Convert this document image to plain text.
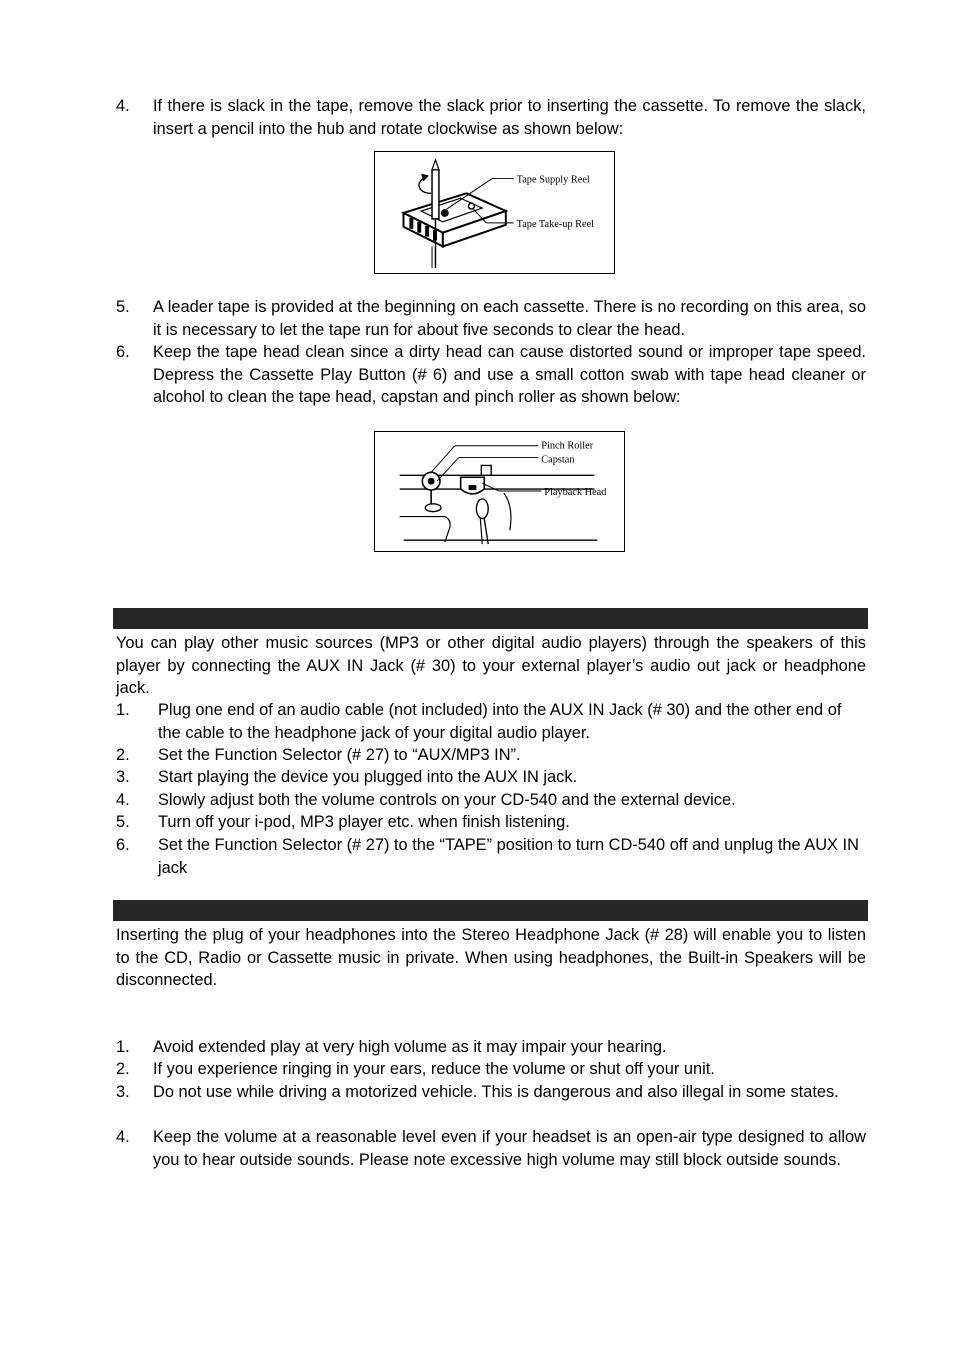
4. If there is slack in the tape, remove the slack prior to inserting the cassette. To remove the slack, insert a pencil into the hub and rotate clockwise as shown below:
Tape Supply Reel
Tape Take-up Reel
5. A leader tape is provided at the beginning on each cassette. There is no recording on this area, so it is necessary to let the tape run for about five seconds to clear the head.
6. Keep the tape head clean since a dirty head can cause distorted sound or improper tape speed. Depress the Cassette Play Button (# 6) and use a small cotton swab with tape head cleaner or alcohol to clean the tape head, capstan and pinch roller as shown below:
Pinch Roller
Capstan
Playback Head
You can play other music sources (MP3 or other digital audio players) through the speakers of this player by connecting the AUX IN Jack (# 30) to your external player’s audio out jack or headphone jack.
1. Plug one end of an audio cable (not included) into the AUX IN Jack (# 30) and the other end of the cable to the headphone jack of your digital audio player.
2. Set the Function Selector (# 27) to “AUX/MP3 IN”.
3. Start playing the device you plugged into the AUX IN jack.
4. Slowly adjust both the volume controls on your CD-540 and the external device.
5. Turn off your i-pod, MP3 player etc. when finish listening.
6. Set the Function Selector (# 27) to the “TAPE” position to turn CD-540 off and unplug the AUX IN jack
Inserting the plug of your headphones into the Stereo Headphone Jack (# 28) will enable you to listen to the CD, Radio or Cassette music in private. When using headphones, the Built-in Speakers will be disconnected.
1. Avoid extended play at very high volume as it may impair your hearing.
2. If you experience ringing in your ears, reduce the volume or shut off your unit.
3. Do not use while driving a motorized vehicle. This is dangerous and also illegal in some states.
4. Keep the volume at a reasonable level even if your headset is an open-air type designed to allow you to hear outside sounds. Please note excessive high volume may still block outside sounds.
